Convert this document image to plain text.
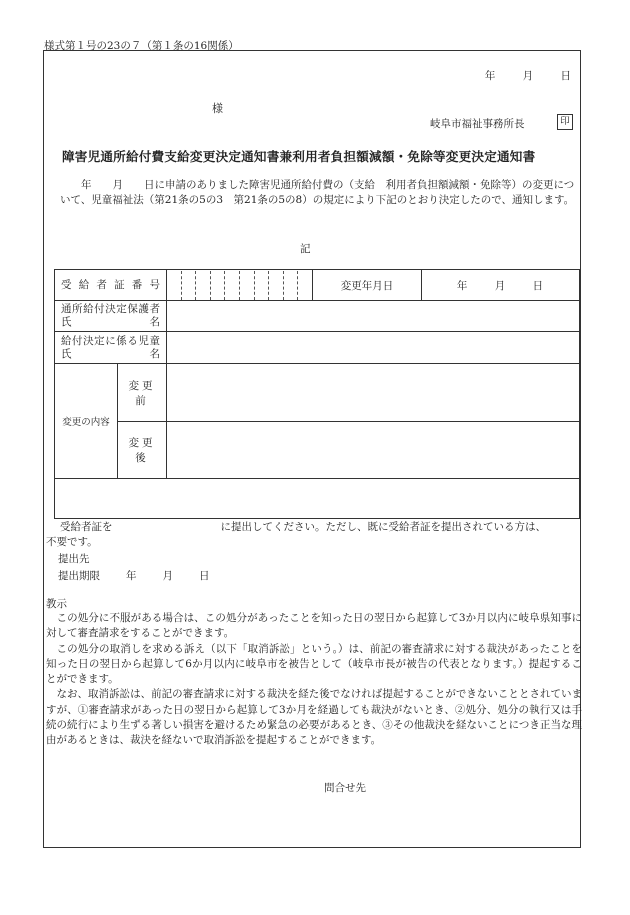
様式第１号の23の７（第１条の16関係）
年	月	日
様
岐阜市福祉事務所長	印
障害児通所給付費支給変更決定通知書兼利用者負担額減額・免除等変更決定通知書

　　年　　月　　日に申請のありました障害児通所給付費の（支給　利用者負担額減額・免除等）の変更について、児童福祉法（第21条の5の3　第21条の5の8）の規定により下記のとおり決定したので、通知します。

記
受給者証番号			変更年月日	年 月 日
通所給付決定保護者氏名				
給付決定に係る児童氏名				
変更の内容	変更前			
	変更後			

受給者証を	に提出してください。ただし、既に受給者証を提出されている方は、
不要です。
提出先
提出期限 年 月 日
教示

この処分に不服がある場合は、この処分があったことを知った日の翌日から起算して3か月以内に岐阜県知事に対して審査請求をすることができます。

この処分の取消しを求める訴え（以下「取消訴訟」という。）は、前記の審査請求に対する裁決があったことを知った日の翌日から起算して6か月以内に岐阜市を被告として（岐阜市長が被告の代表となります。）提起することができます。

なお、取消訴訟は、前記の審査請求に対する裁決を経た後でなければ提起することができないこととされていますが、①審査請求があった日の翌日から起算して3か月を経過しても裁決がないとき、②処分、処分の執行又は手続の続行により生ずる著しい損害を避けるため緊急の必要があるとき、③その他裁決を経ないことにつき正当な理由があるときは、裁決を経ないで取消訴訟を提起することができます。

問合せ先
